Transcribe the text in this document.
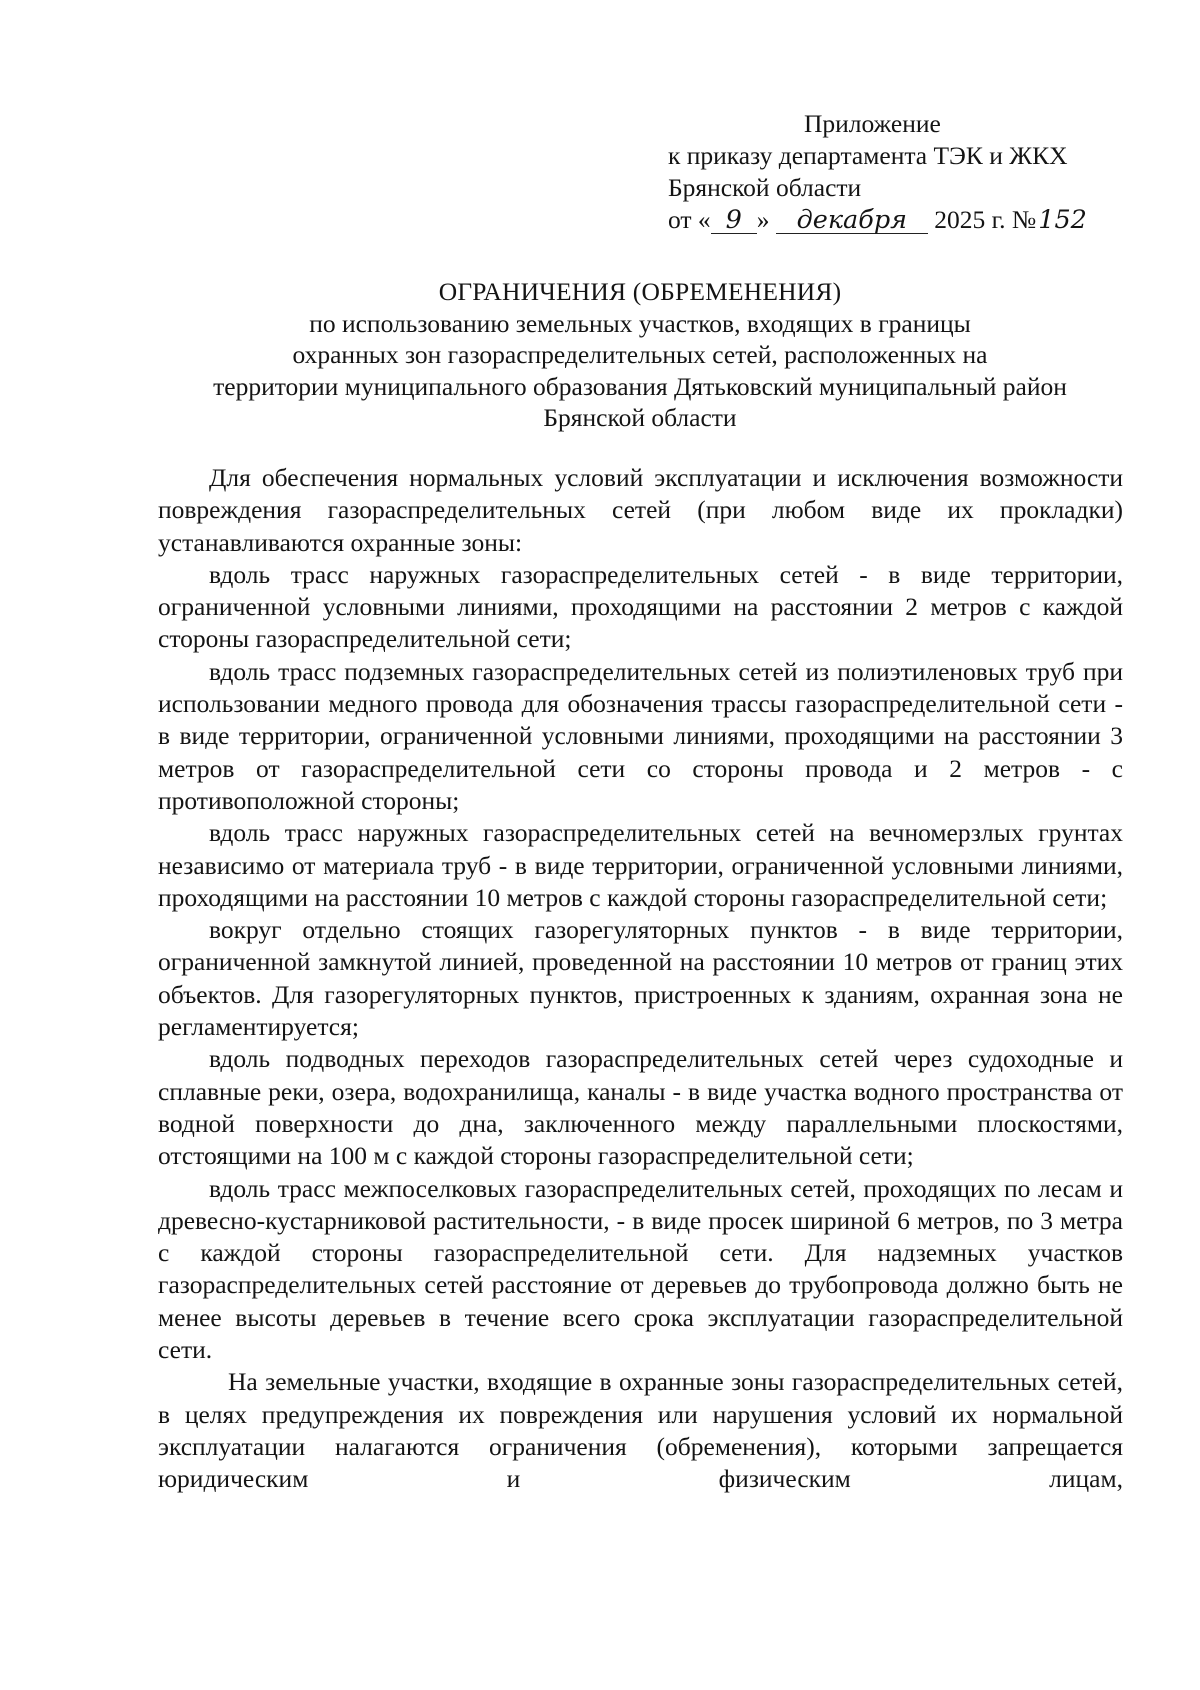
Приложение
к приказу департамента ТЭК и ЖКХ
Брянской области
от « 9 » декабря 2025 г. №152
ОГРАНИЧЕНИЯ (ОБРЕМЕНЕНИЯ)
по использованию земельных участков, входящих в границы
охранных зон газораспределительных сетей, расположенных на
территории муниципального образования Дятьковский муниципальный район
Брянской области

Для обеспечения нормальных условий эксплуатации и исключения возможности повреждения газораспределительных сетей (при любом виде их прокладки) устанавливаются охранные зоны:

вдоль трасс наружных газораспределительных сетей - в виде территории, ограниченной условными линиями, проходящими на расстоянии 2 метров с каждой стороны газораспределительной сети;

вдоль трасс подземных газораспределительных сетей из полиэтиленовых труб при использовании медного провода для обозначения трассы газораспределительной сети - в виде территории, ограниченной условными линиями, проходящими на расстоянии 3 метров от газораспределительной сети со стороны провода и 2 метров - с противоположной стороны;

вдоль трасс наружных газораспределительных сетей на вечномерзлых грунтах независимо от материала труб - в виде территории, ограниченной условными линиями, проходящими на расстоянии 10 метров с каждой стороны газораспределительной сети;

вокруг отдельно стоящих газорегуляторных пунктов - в виде территории, ограниченной замкнутой линией, проведенной на расстоянии 10 метров от границ этих объектов. Для газорегуляторных пунктов, пристроенных к зданиям, охранная зона не регламентируется;

вдоль подводных переходов газораспределительных сетей через судоходные и сплавные реки, озера, водохранилища, каналы - в виде участка водного пространства от водной поверхности до дна, заключенного между параллельными плоскостями, отстоящими на 100 м с каждой стороны газораспределительной сети;

вдоль трасс межпоселковых газораспределительных сетей, проходящих по лесам и древесно-кустарниковой растительности, - в виде просек шириной 6 метров, по 3 метра с каждой стороны газораспределительной сети. Для надземных участков газораспределительных сетей расстояние от деревьев до трубопровода должно быть не менее высоты деревьев в течение всего срока эксплуатации газораспределительной сети.

На земельные участки, входящие в охранные зоны газораспределительных сетей, в целях предупреждения их повреждения или нарушения условий их нормальной эксплуатации налагаются ограничения (обременения), которыми запрещается юридическим и физическим лицам,
